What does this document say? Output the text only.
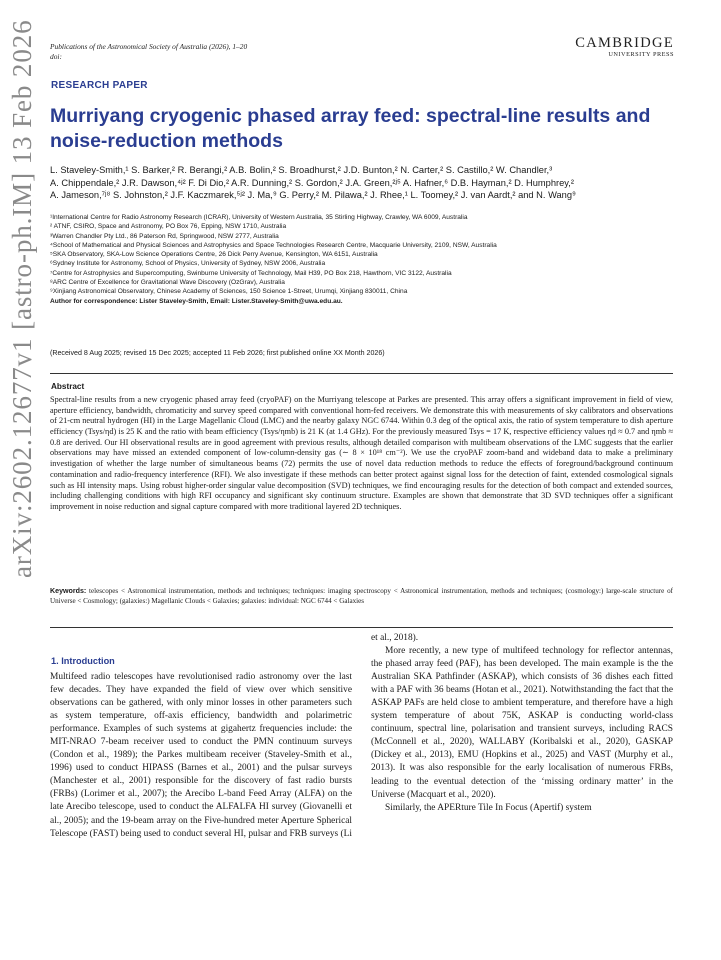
Publications of the Astronomical Society of Australia (2026), 1–20
doi:
CAMBRIDGE
UNIVERSITY PRESS
RESEARCH PAPER
Murriyang cryogenic phased array feed: spectral-line results and noise-reduction methods
L. Staveley-Smith,¹ S. Barker,² R. Berangi,² A.B. Bolin,² S. Broadhurst,² J.D. Bunton,² N. Carter,² S. Castillo,² W. Chandler,³
A. Chippendale,² J.R. Dawson,⁴ʲ² F. Di Dio,² A.R. Dunning,² S. Gordon,² J.A. Green,²ʲ⁵ A. Hafner,⁶ D.B. Hayman,² D. Humphrey,²
A. Jameson,⁷ʲ⁸ S. Johnston,² J.F. Kaczmarek,⁵ʲ² J. Ma,⁹ G. Perry,² M. Pilawa,² J. Rhee,¹ L. Toomey,² J. van Aardt,² and N. Wang⁹
¹International Centre for Radio Astronomy Research (ICRAR), University of Western Australia, 35 Stirling Highway, Crawley, WA 6009, Australia
² ATNF, CSIRO, Space and Astronomy, PO Box 76, Epping, NSW 1710, Australia
³Warren Chandler Pty Ltd., 86 Paterson Rd, Springwood, NSW 2777, Australia
⁴School of Mathematical and Physical Sciences and Astrophysics and Space Technologies Research Centre, Macquarie University, 2109, NSW, Australia
⁵SKA Observatory, SKA-Low Science Operations Centre, 26 Dick Perry Avenue, Kensington, WA 6151, Australia
⁶Sydney Institute for Astronomy, School of Physics, University of Sydney, NSW 2006, Australia
⁷Centre for Astrophysics and Supercomputing, Swinburne University of Technology, Mail H39, PO Box 218, Hawthorn, VIC 3122, Australia
⁸ARC Centre of Excellence for Gravitational Wave Discovery (OzGrav), Australia
⁹Xinjiang Astronomical Observatory, Chinese Academy of Sciences, 150 Science 1-Street, Urumqi, Xinjiang 830011, China
Author for correspondence: Lister Staveley-Smith, Email: Lister.Staveley-Smith@uwa.edu.au.
(Received 8 Aug 2025; revised 15 Dec 2025; accepted 11 Feb 2026; first published online XX Month 2026)
Abstract
Spectral-line results from a new cryogenic phased array feed (cryoPAF) on the Murriyang telescope at Parkes are presented. This array offers a significant improvement in field of view, aperture efficiency, bandwidth, chromaticity and survey speed compared with conventional horn-fed receivers. We demonstrate this with measurements of sky calibrators and observations of 21-cm neutral hydrogen (HI) in the Large Magellanic Cloud (LMC) and the nearby galaxy NGC 6744. Within 0.3 deg of the optical axis, the ratio of system temperature to dish aperture efficiency (Tsys/ηd) is 25 K and the ratio with beam efficiency (Tsys/ηmb) is 21 K (at 1.4 GHz). For the previously measured Tsys = 17 K, respective efficiency values ηd ≈ 0.7 and ηmb ≈ 0.8 are derived. Our HI observational results are in good agreement with previous results, although detailed comparison with multibeam observations of the LMC suggests that the earlier observations may have missed an extended component of low-column-density gas (∼ 8 × 10¹⁸ cm⁻²). We use the cryoPAF zoom-band and wideband data to make a preliminary investigation of whether the large number of simultaneous beams (72) permits the use of novel data reduction methods to reduce the effects of foreground/background continuum contamination and radio-frequency interference (RFI). We also investigate if these methods can better protect against signal loss for the detection of faint, extended cosmological signals such as HI intensity maps. Using robust higher-order singular value decomposition (SVD) techniques, we find encouraging results for the detection of both compact and extended sources, including challenging conditions with high RFI occupancy and significant sky continuum structure. Examples are shown that demonstrate that 3D SVD techniques offer a significant improvement in noise reduction and signal capture compared with more traditional layered 2D techniques.
Keywords: telescopes < Astronomical instrumentation, methods and techniques; techniques: imaging spectroscopy < Astronomical instrumentation, methods and techniques; (cosmology:) large-scale structure of Universe < Cosmology; (galaxies:) Magellanic Clouds < Galaxies; galaxies: individual: NGC 6744 < Galaxies
arXiv:2602.12677v1 [astro-ph.IM] 13 Feb 2026
1. Introduction

Multifeed radio telescopes have revolutionised radio astronomy over the last few decades. They have expanded the field of view over which sensitive observations can be gathered, with only minor losses in other parameters such as system temperature, off-axis efficiency, bandwidth and polarimetric performance. Examples of such systems at gigahertz frequencies include: the MIT-NRAO 7-beam receiver used to conduct the PMN continuum surveys (Condon et al., 1989); the Parkes multibeam receiver (Staveley-Smith et al., 1996) used to conduct HIPASS (Barnes et al., 2001) and the pulsar surveys (Manchester et al., 2001) responsible for the discovery of fast radio bursts (FRBs) (Lorimer et al., 2007); the Arecibo L-band Feed Array (ALFA) on the late Arecibo telescope, used to conduct the ALFALFA HI survey (Giovanelli et al., 2005); and the 19-beam array on the Five-hundred meter Aperture Spherical Telescope (FAST) being used to conduct several HI, pulsar and FRB surveys (Li

et al., 2018).

More recently, a new type of multifeed technology for reflector antennas, the phased array feed (PAF), has been developed. The main example is the the Australian SKA Pathfinder (ASKAP), which consists of 36 dishes each fitted with a PAF with 36 beams (Hotan et al., 2021). Notwithstanding the fact that the ASKAP PAFs are held close to ambient temperature, and therefore have a high system temperature of about 75K, ASKAP is conducting world-class continuum, spectral line, polarisation and transient surveys, including RACS (McConnell et al., 2020), WALLABY (Koribalski et al., 2020), GASKAP (Dickey et al., 2013), EMU (Hopkins et al., 2025) and VAST (Murphy et al., 2013). It was also responsible for the early localisation of numerous FRBs, leading to the eventual detection of the ‘missing ordinary matter’ in the Universe (Macquart et al., 2020).

Similarly, the APERture Tile In Focus (Apertif) system
